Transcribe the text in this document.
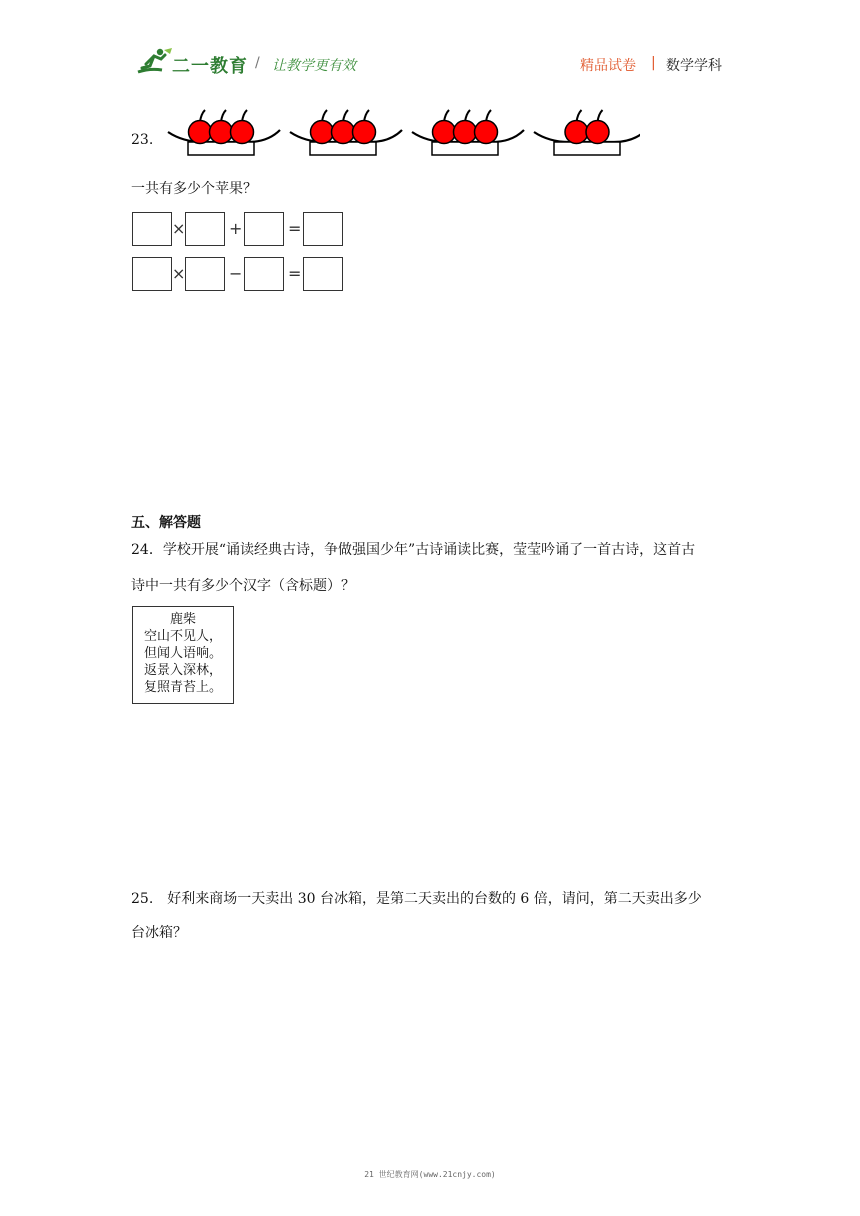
二一教育 / 让教学更有效	精品试卷 | 数学学科
23.
一共有多少个苹果？
×	+	=
×	−	=
五、解答题
24．学校开展“诵读经典古诗，争做强国少年”古诗诵读比赛，莹莹吟诵了一首古诗，这首古
诗中一共有多少个汉字（含标题）？
鹿柴
空山不见人，
但闻人语响。
返景入深林，
复照青苔上。
25.　好利来商场一天卖出 30 台冰箱，是第二天卖出的台数的 6 倍，请问，第二天卖出多少
台冰箱？
21 世纪教育网(www.21cnjy.com)
